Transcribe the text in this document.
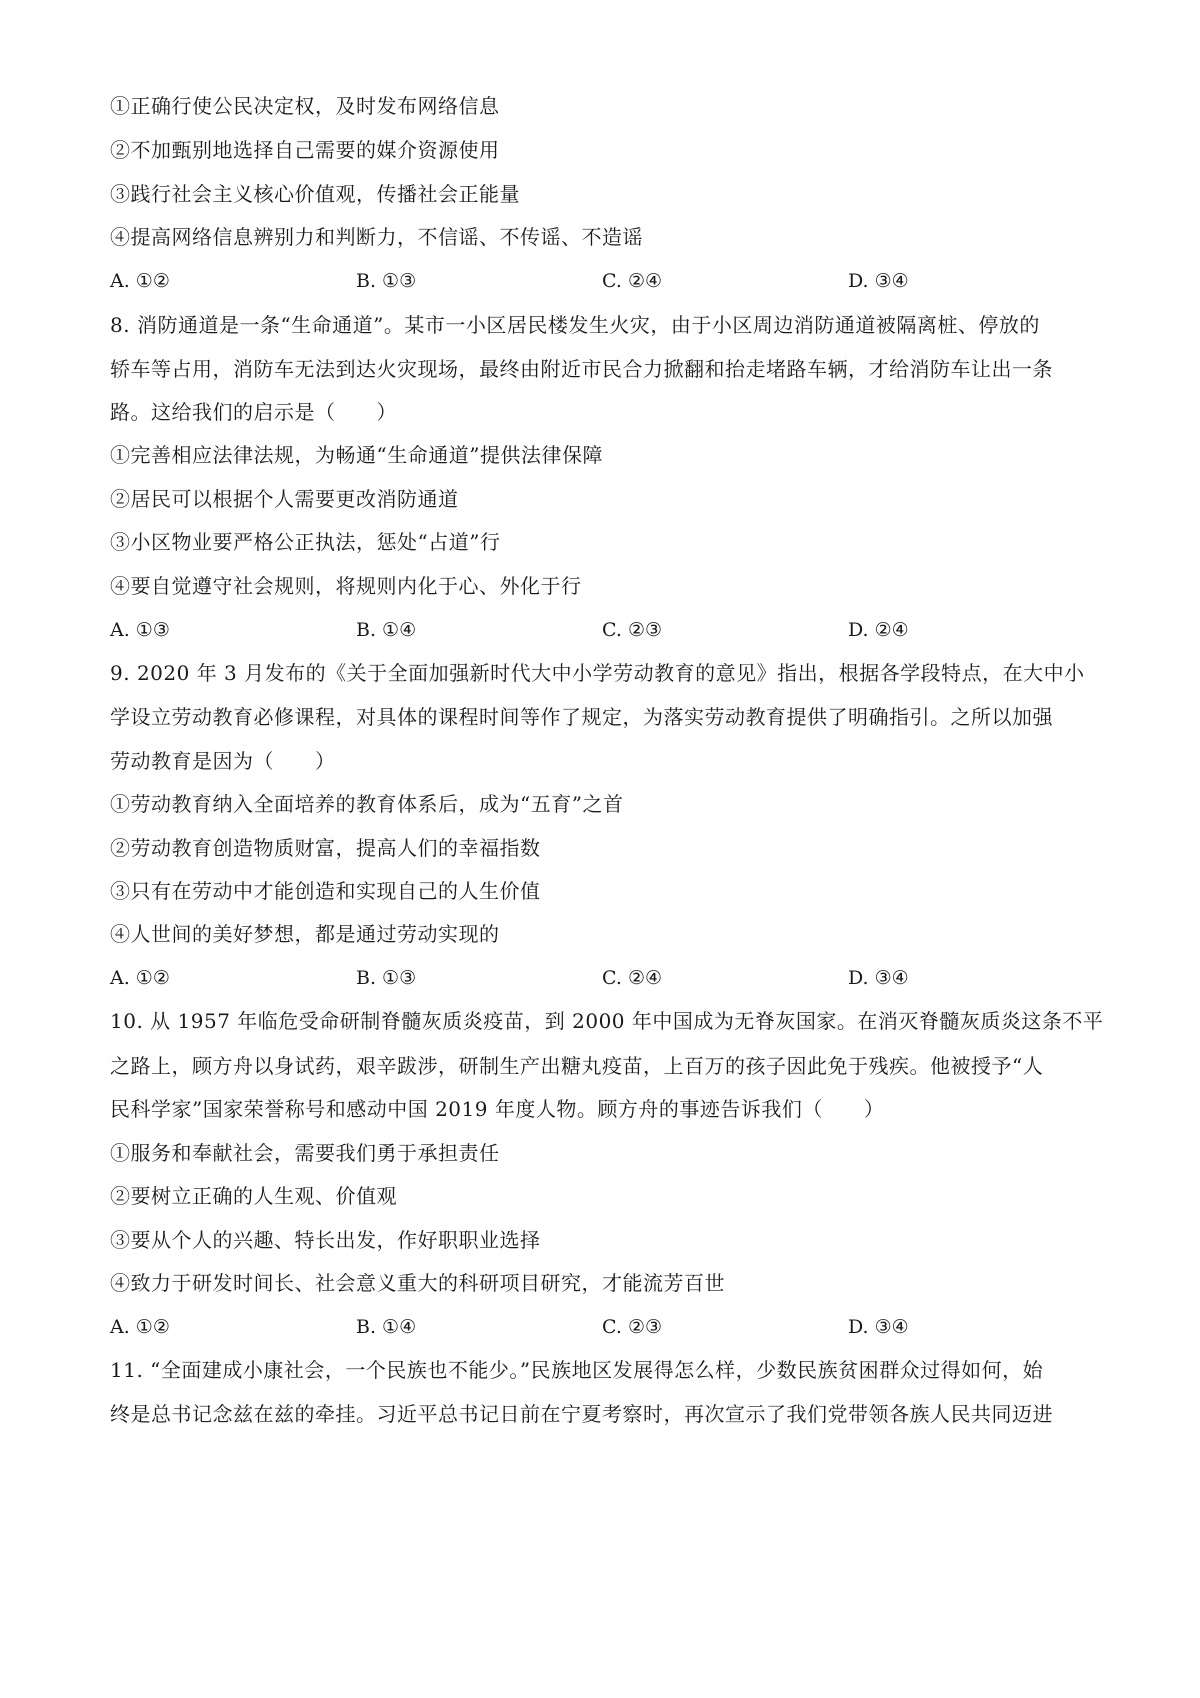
①正确行使公民决定权，及时发布网络信息
②不加甄别地选择自己需要的媒介资源使用
③践行社会主义核心价值观，传播社会正能量
④提高网络信息辨别力和判断力，不信谣、不传谣、不造谣
A. ①②	B. ①③	C. ②④	D. ③④
8. 消防通道是一条“生命通道”。某市一小区居民楼发生火灾，由于小区周边消防通道被隔离桩、停放的
轿车等占用，消防车无法到达火灾现场，最终由附近市民合力掀翻和抬走堵路车辆，才给消防车让出一条
路。这给我们的启示是（　　）
①完善相应法律法规，为畅通“生命通道”提供法律保障
②居民可以根据个人需要更改消防通道
③小区物业要严格公正执法，惩处“占道”行
④要自觉遵守社会规则，将规则内化于心、外化于行
A. ①③	B. ①④	C. ②③	D. ②④
9. 2020 年 3 月发布的《关于全面加强新时代大中小学劳动教育的意见》指出，根据各学段特点，在大中小
学设立劳动教育必修课程，对具体的课程时间等作了规定，为落实劳动教育提供了明确指引。之所以加强
劳动教育是因为（　　）
①劳动教育纳入全面培养的教育体系后，成为“五育”之首
②劳动教育创造物质财富，提高人们的幸福指数
③只有在劳动中才能创造和实现自己的人生价值
④人世间的美好梦想，都是通过劳动实现的
A. ①②	B. ①③	C. ②④	D. ③④
10. 从 1957 年临危受命研制脊髓灰质炎疫苗，到 2000 年中国成为无脊灰国家。在消灭脊髓灰质炎这条不平
之路上，顾方舟以身试药，艰辛跋涉，研制生产出糖丸疫苗，上百万的孩子因此免于残疾。他被授予“人
民科学家”国家荣誉称号和感动中国 2019 年度人物。顾方舟的事迹告诉我们（　　）
①服务和奉献社会，需要我们勇于承担责任
②要树立正确的人生观、价值观
③要从个人的兴趣、特长出发，作好职职业选择
④致力于研发时间长、社会意义重大的科研项目研究，才能流芳百世
A. ①②	B. ①④	C. ②③	D. ③④
11. “全面建成小康社会，一个民族也不能少。”民族地区发展得怎么样，少数民族贫困群众过得如何，始
终是总书记念兹在兹的牵挂。习近平总书记日前在宁夏考察时，再次宣示了我们党带领各族人民共同迈进
